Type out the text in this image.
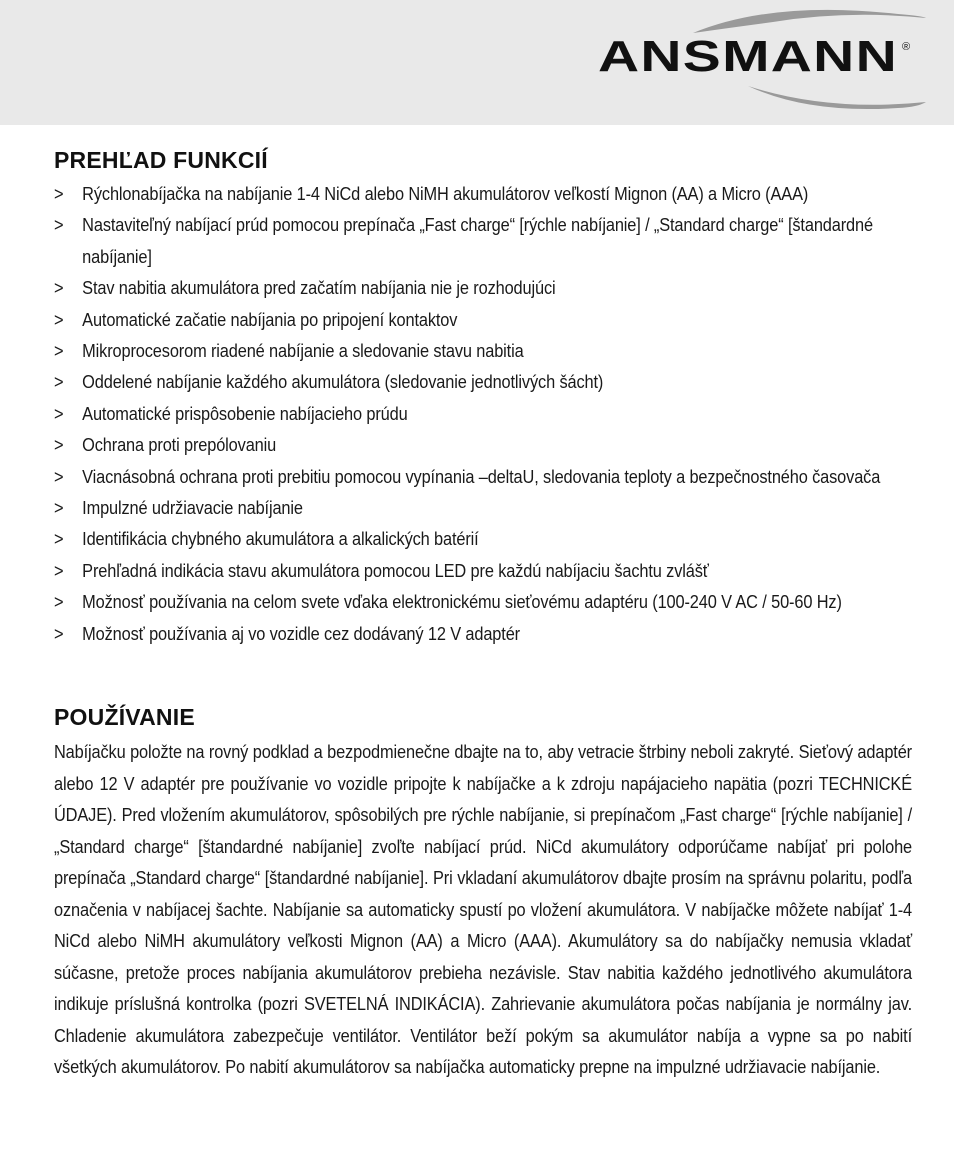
ANSMANN ®
PREHĽAD FUNKCIÍ
> Rýchlonabíjačka na nabíjanie 1-4 NiCd alebo NiMH akumulátorov veľkostí Mignon (AA) a Micro (AAA)
> Nastaviteľný nabíjací prúd pomocou prepínača „Fast charge“ [rýchle nabíjanie] / „Standard charge“ [štandardné nabíjanie]
> Stav nabitia akumulátora pred začatím nabíjania nie je rozhodujúci
> Automatické začatie nabíjania po pripojení kontaktov
> Mikroprocesorom riadené nabíjanie a sledovanie stavu nabitia
> Oddelené nabíjanie každého akumulátora (sledovanie jednotlivých šácht)
> Automatické prispôsobenie nabíjacieho prúdu
> Ochrana proti prepólovaniu
> Viacnásobná ochrana proti prebitiu pomocou vypínania –deltaU, sledovania teploty a bezpečnostného časovača
> Impulzné udržiavacie nabíjanie
> Identifikácia chybného akumulátora a alkalických batérií
> Prehľadná indikácia stavu akumulátora pomocou LED pre každú nabíjaciu šachtu zvlášť
> Možnosť používania na celom svete vďaka elektronickému sieťovému adaptéru (100-240 V AC / 50-60 Hz)
> Možnosť používania aj vo vozidle cez dodávaný 12 V adaptér
POUŽÍVANIE
Nabíjačku položte na rovný podklad a bezpodmienečne dbajte na to, aby vetracie štrbiny neboli zakryté. Sieťový adaptér alebo 12 V adaptér pre používanie vo vozidle pripojte k nabíjačke a k zdroju napájacieho napätia (pozri TECHNICKÉ ÚDAJE). Pred vložením akumulátorov, spôsobilých pre rýchle nabíjanie, si prepínačom „Fast charge“ [rýchle nabíjanie] / „Standard charge“ [štandardné nabíjanie] zvoľte nabíjací prúd. NiCd akumulátory odporúčame nabíjať pri polohe prepínača „Standard charge“ [štandardné nabíjanie]. Pri vkladaní akumulátorov dbajte prosím na správnu polaritu, podľa označenia v nabíjacej šachte. Nabíjanie sa automaticky spustí po vložení akumulátora. V nabíjačke môžete nabíjať 1-4 NiCd alebo NiMH akumulátory veľkosti Mignon (AA) a Micro (AAA). Akumulátory sa do nabíjačky nemusia vkladať súčasne, pretože proces nabíjania akumulátorov prebieha nezávisle. Stav nabitia každého jednotlivého akumulátora indikuje príslušná kontrolka (pozri SVETELNÁ INDIKÁCIA). Zahrievanie akumulátora počas nabíjania je normálny jav. Chladenie akumulátora zabezpečuje ventilátor. Ventilátor beží pokým sa akumulátor nabíja a vypne sa po nabití všetkých akumulátorov. Po nabití akumulátorov sa nabíjačka automaticky prepne na impulzné udržiavacie nabíjanie.
